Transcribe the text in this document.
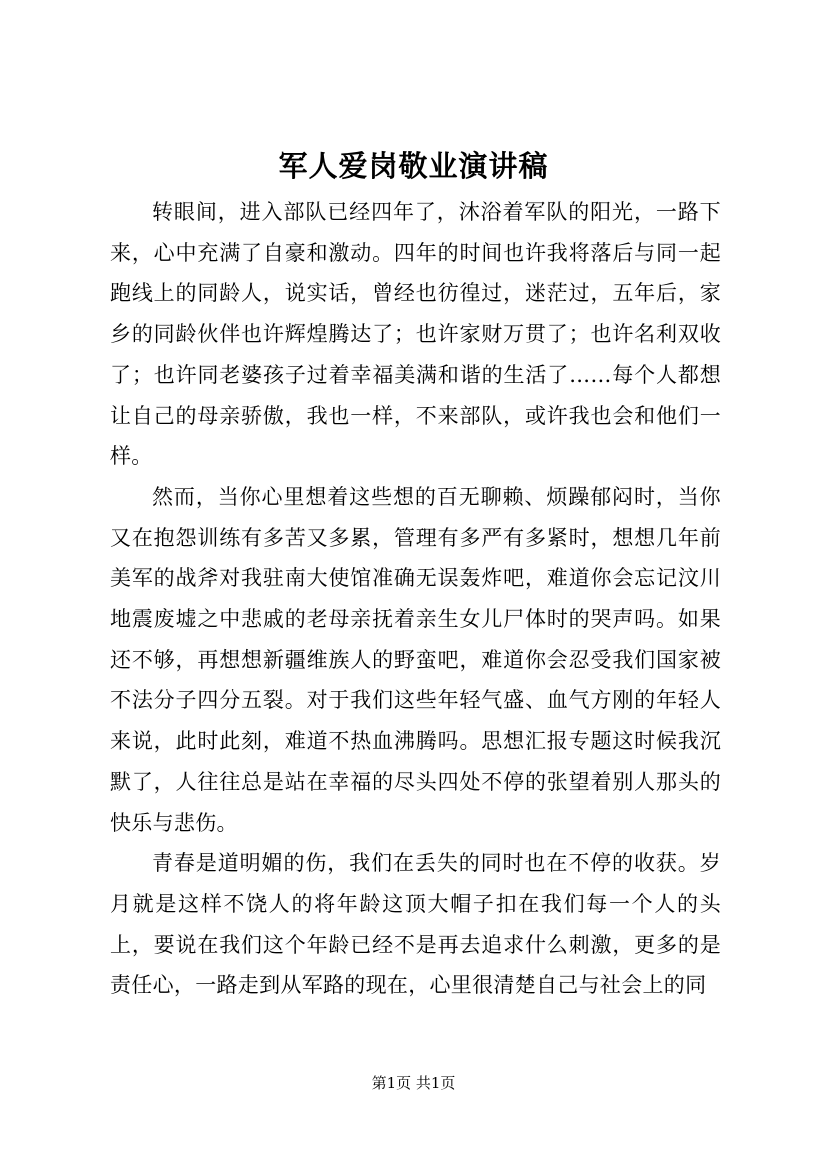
军人爱岗敬业演讲稿

转眼间，进入部队已经四年了，沐浴着军队的阳光，一路下来，心中充满了自豪和激动。四年的时间也许我将落后与同一起跑线上的同龄人，说实话，曾经也彷徨过，迷茫过，五年后，家乡的同龄伙伴也许辉煌腾达了；也许家财万贯了；也许名利双收了；也许同老婆孩子过着幸福美满和谐的生活了……每个人都想让自己的母亲骄傲，我也一样，不来部队，或许我也会和他们一样。

然而，当你心里想着这些想的百无聊赖、烦躁郁闷时，当你又在抱怨训练有多苦又多累，管理有多严有多紧时，想想几年前美军的战斧对我驻南大使馆准确无误轰炸吧，难道你会忘记汶川地震废墟之中悲戚的老母亲抚着亲生女儿尸体时的哭声吗。如果还不够，再想想新疆维族人的野蛮吧，难道你会忍受我们国家被不法分子四分五裂。对于我们这些年轻气盛、血气方刚的年轻人来说，此时此刻，难道不热血沸腾吗。思想汇报专题这时候我沉默了，人往往总是站在幸福的尽头四处不停的张望着别人那头的快乐与悲伤。

青春是道明媚的伤，我们在丢失的同时也在不停的收获。岁月就是这样不饶人的将年龄这顶大帽子扣在我们每一个人的头上，要说在我们这个年龄已经不是再去追求什么刺激，更多的是责任心，一路走到从军路的现在，心里很清楚自己与社会上的同

第1页 共1页
